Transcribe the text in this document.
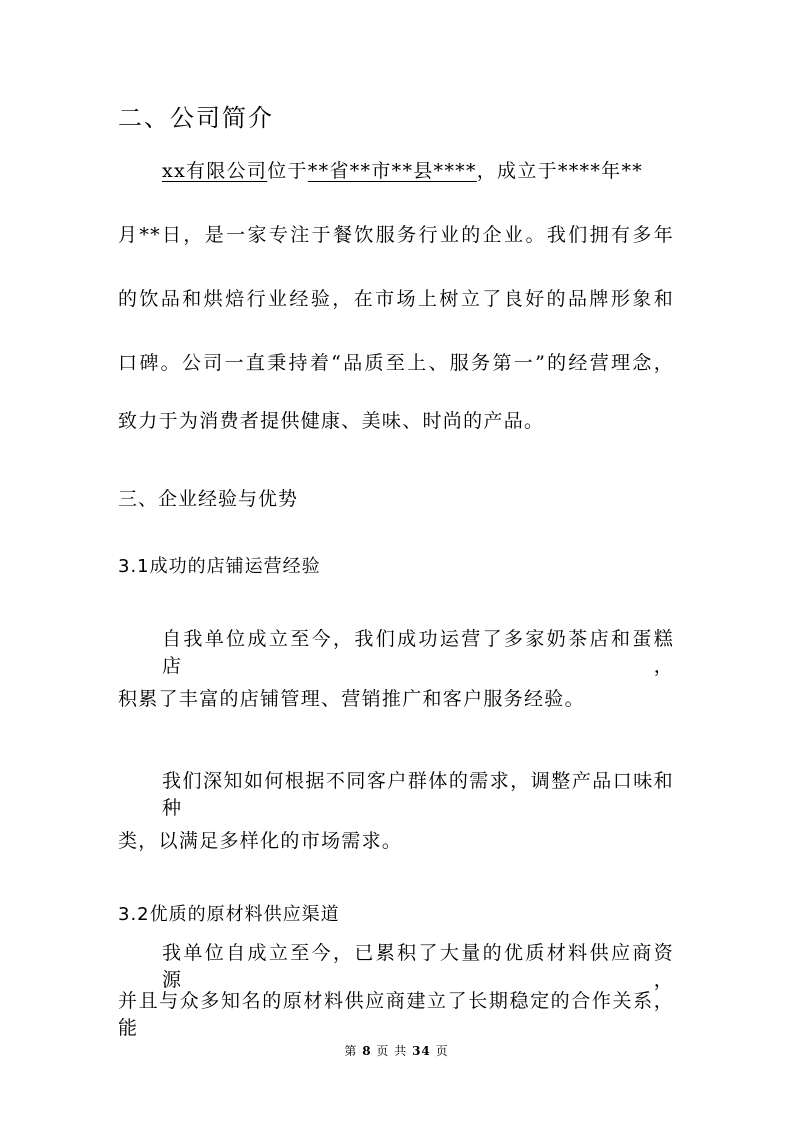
二、公司简介
xx有限公司位于**省**市**县****，成立于****年**
月**日，是一家专注于餐饮服务行业的企业。我们拥有多年
的饮品和烘焙行业经验，在市场上树立了良好的品牌形象和
口碑。公司一直秉持着“品质至上、服务第一”的经营理念，
致力于为消费者提供健康、美味、时尚的产品。
三、企业经验与优势
3.1成功的店铺运营经验
自我单位成立至今，我们成功运营了多家奶茶店和蛋糕店，
积累了丰富的店铺管理、营销推广和客户服务经验。
我们深知如何根据不同客户群体的需求，调整产品口味和种
类，以满足多样化的市场需求。
3.2优质的原材料供应渠道
我单位自成立至今，已累积了大量的优质材料供应商资源，
并且与众多知名的原材料供应商建立了长期稳定的合作关系，能
第 8 页 共 34 页
